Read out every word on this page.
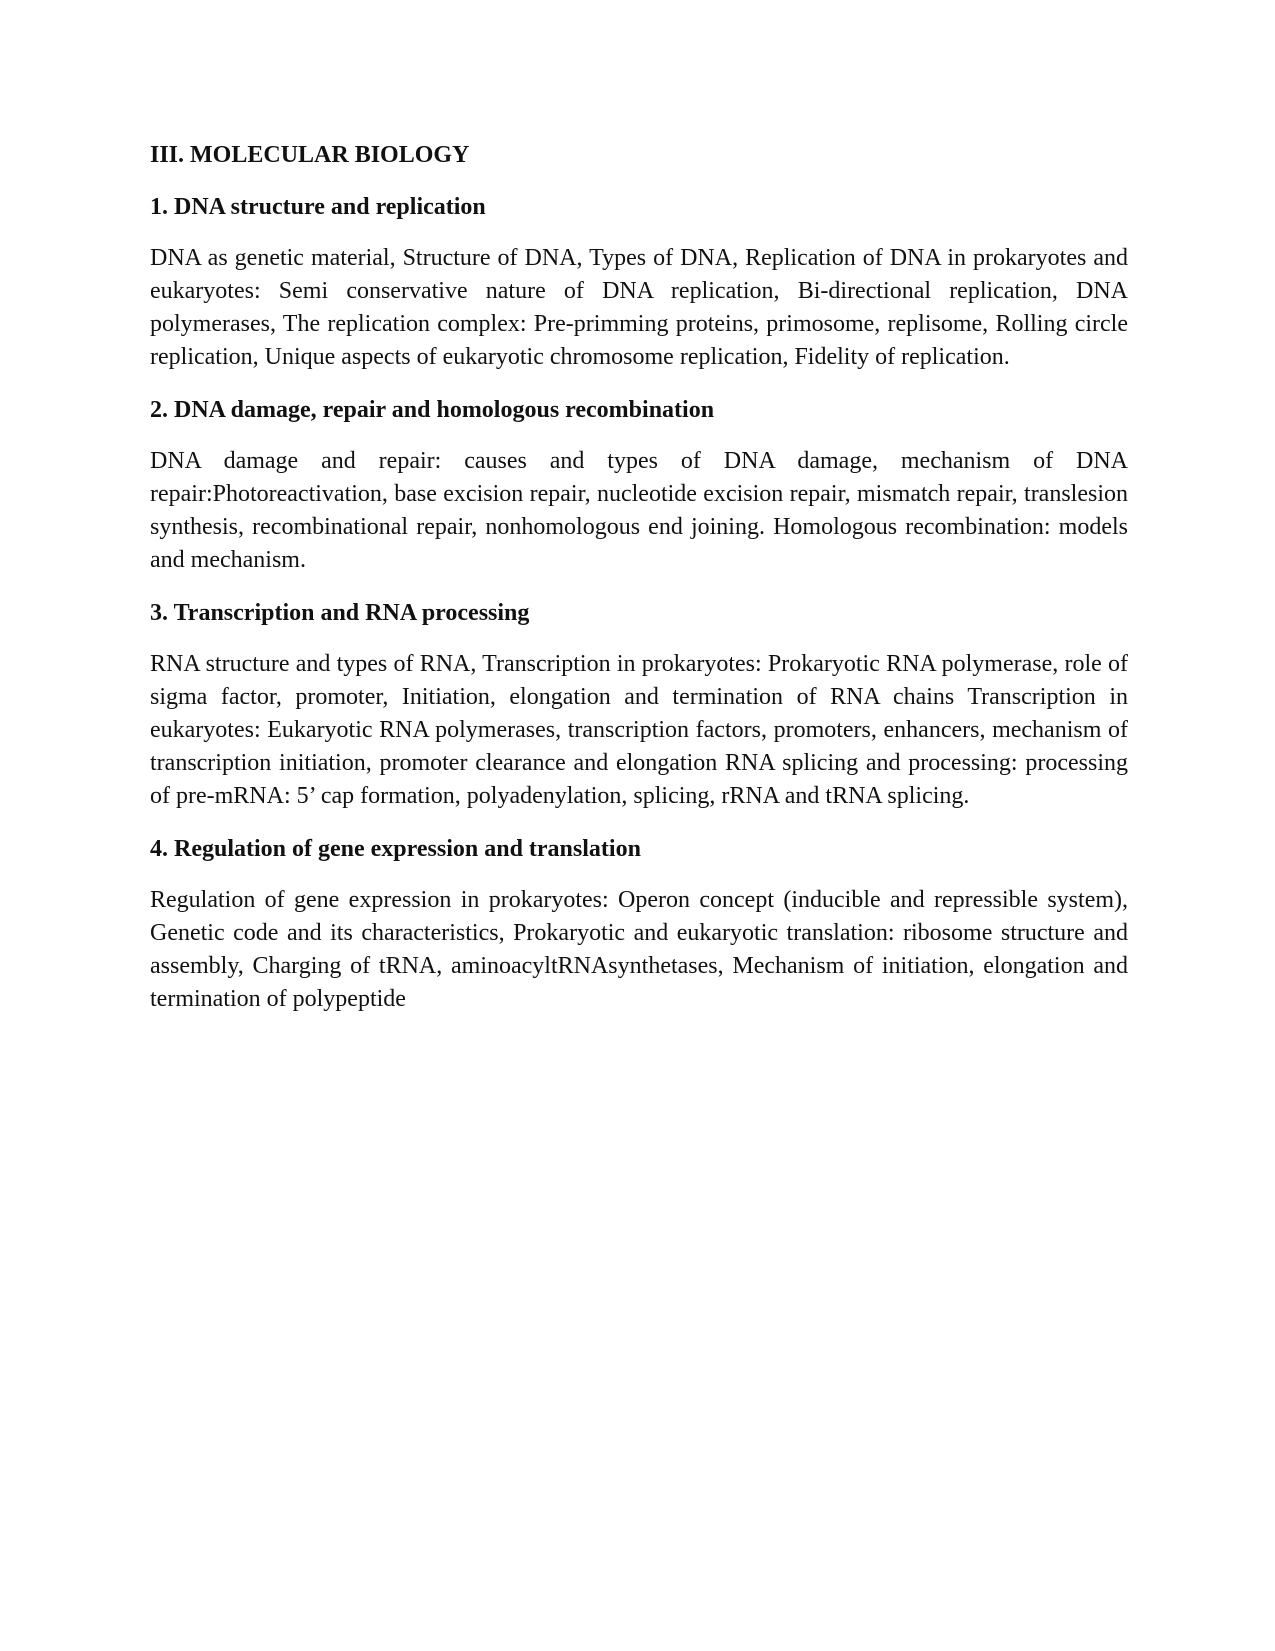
III. MOLECULAR BIOLOGY
1. DNA structure and replication

DNA as genetic material, Structure of DNA, Types of DNA, Replication of DNA in prokaryotes and eukaryotes: Semi conservative nature of DNA replication, Bi-directional replication, DNA polymerases, The replication complex: Pre-primming proteins, primosome, replisome, Rolling circle replication, Unique aspects of eukaryotic chromosome replication, Fidelity of replication.

2. DNA damage, repair and homologous recombination

DNA damage and repair: causes and types of DNA damage, mechanism of DNA repair:Photoreactivation, base excision repair, nucleotide excision repair, mismatch repair, translesion synthesis, recombinational repair, nonhomologous end joining. Homologous recombination: models and mechanism.

3. Transcription and RNA processing

RNA structure and types of RNA, Transcription in prokaryotes: Prokaryotic RNA polymerase, role of sigma factor, promoter, Initiation, elongation and termination of RNA chains Transcription in eukaryotes: Eukaryotic RNA polymerases, transcription factors, promoters, enhancers, mechanism of transcription initiation, promoter clearance and elongation RNA splicing and processing: processing of pre-mRNA: 5’ cap formation, polyadenylation, splicing, rRNA and tRNA splicing.

4. Regulation of gene expression and translation

Regulation of gene expression in prokaryotes: Operon concept (inducible and repressible system), Genetic code and its characteristics, Prokaryotic and eukaryotic translation: ribosome structure and assembly, Charging of tRNA, aminoacyltRNAsynthetases, Mechanism of initiation, elongation and termination of polypeptide
